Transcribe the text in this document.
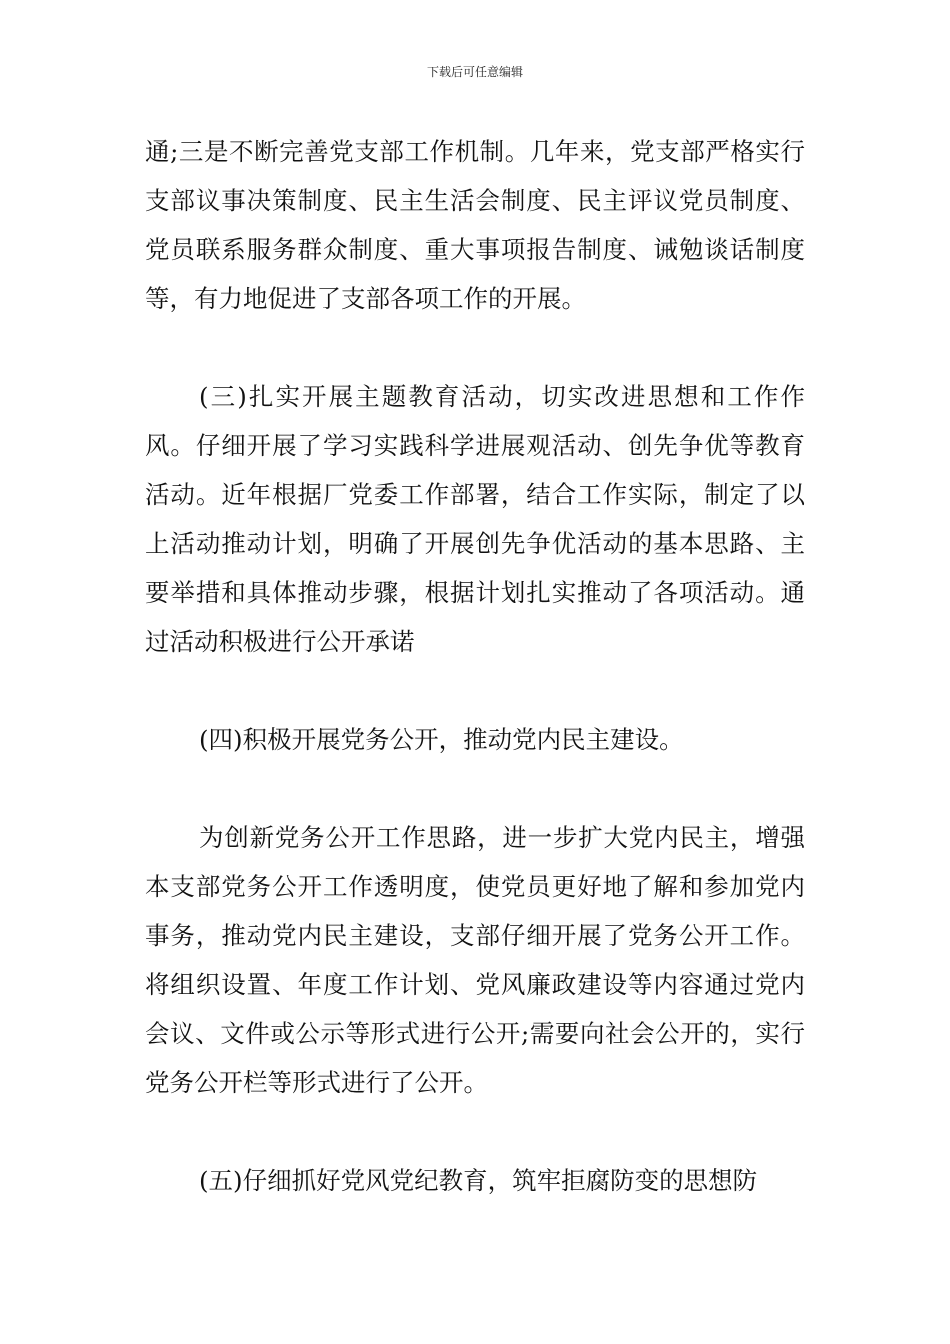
下载后可任意编辑

通;三是不断完善党支部工作机制。几年来，党支部严格实行支部议事决策制度、民主生活会制度、民主评议党员制度、党员联系服务群众制度、重大事项报告制度、诫勉谈话制度等，有力地促进了支部各项工作的开展。

(三)扎实开展主题教育活动，切实改进思想和工作作风。仔细开展了学习实践科学进展观活动、创先争优等教育活动。近年根据厂党委工作部署，结合工作实际，制定了以上活动推动计划，明确了开展创先争优活动的基本思路、主要举措和具体推动步骤，根据计划扎实推动了各项活动。通过活动积极进行公开承诺

(四)积极开展党务公开，推动党内民主建设。

为创新党务公开工作思路，进一步扩大党内民主，增强本支部党务公开工作透明度，使党员更好地了解和参加党内事务，推动党内民主建设，支部仔细开展了党务公开工作。将组织设置、年度工作计划、党风廉政建设等内容通过党内会议、文件或公示等形式进行公开;需要向社会公开的，实行党务公开栏等形式进行了公开。

(五)仔细抓好党风党纪教育，筑牢拒腐防变的思想防
